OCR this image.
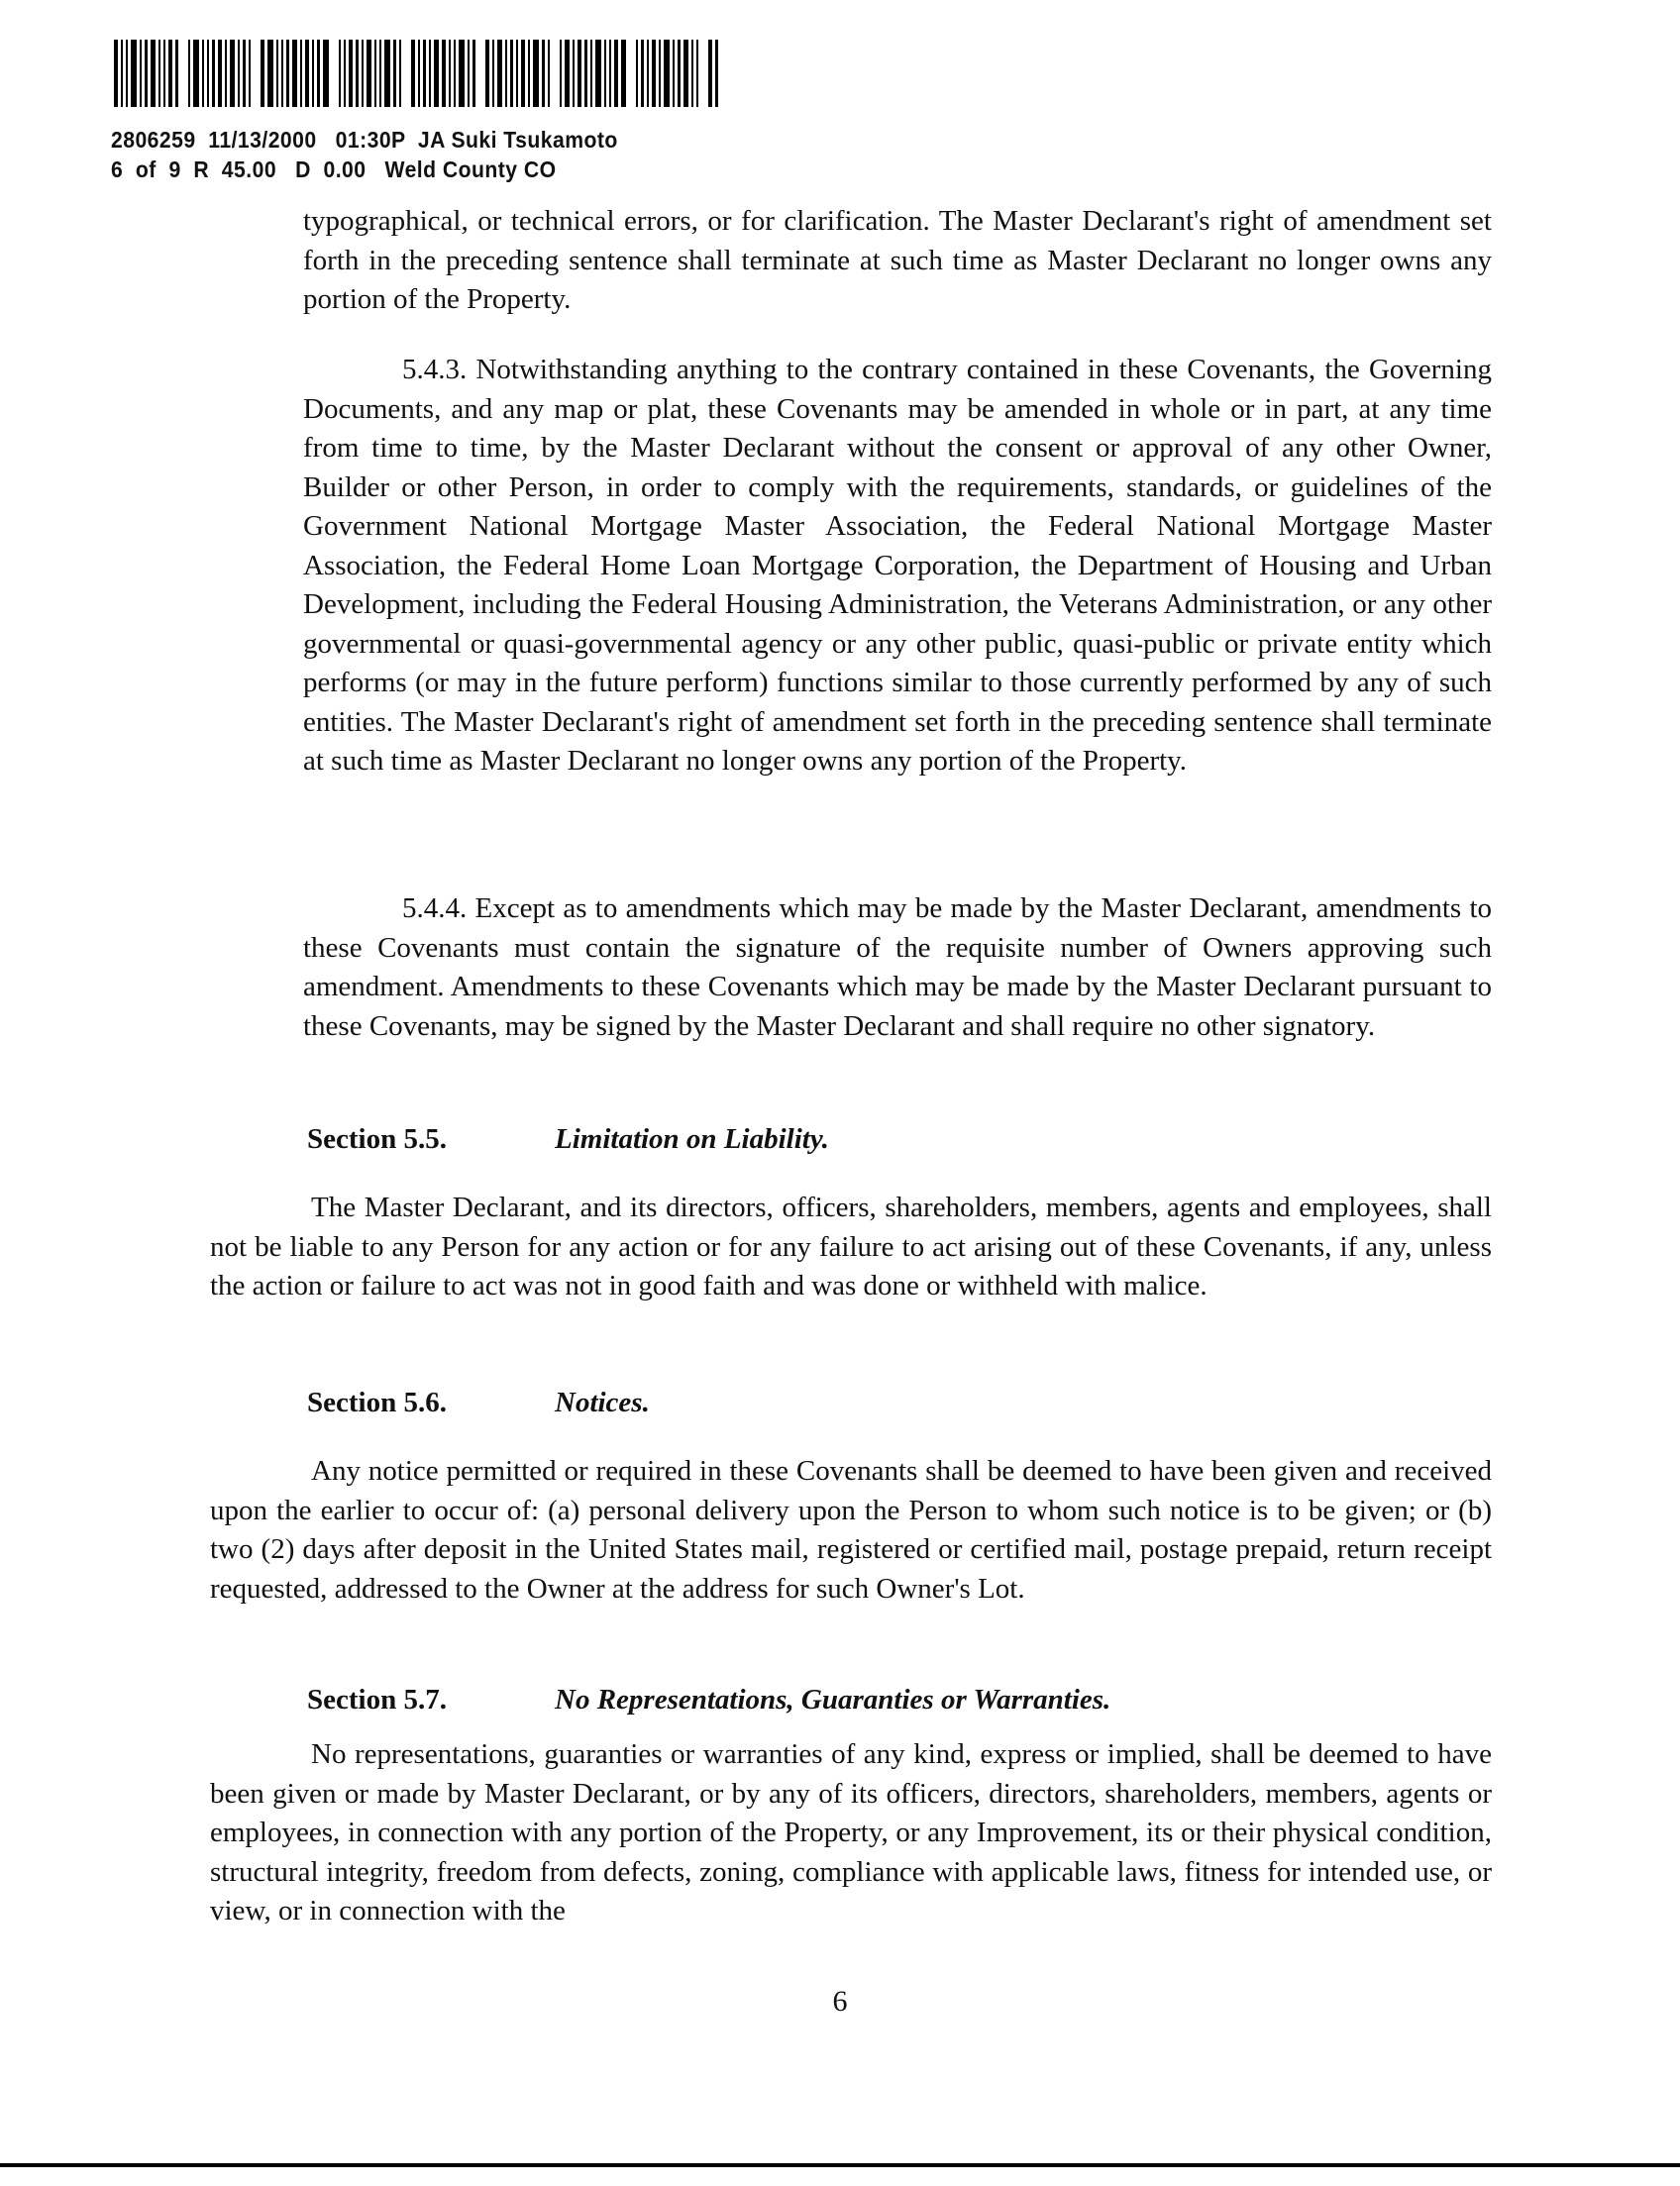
2806259  11/13/2000   01:30P  JA Suki Tsukamoto
6  of  9  R  45.00   D  0.00   Weld County CO

typographical, or technical errors, or for clarification. The Master Declarant's right of amendment set forth in the preceding sentence shall terminate at such time as Master Declarant no longer owns any portion of the Property.

5.4.3. Notwithstanding anything to the contrary contained in these Covenants, the Governing Documents, and any map or plat, these Covenants may be amended in whole or in part, at any time from time to time, by the Master Declarant without the consent or approval of any other Owner, Builder or other Person, in order to comply with the requirements, standards, or guidelines of the Government National Mortgage Master Association, the Federal National Mortgage Master Association, the Federal Home Loan Mortgage Corporation, the Department of Housing and Urban Development, including the Federal Housing Administration, the Veterans Administration, or any other governmental or quasi-governmental agency or any other public, quasi-public or private entity which performs (or may in the future perform) functions similar to those currently performed by any of such entities. The Master Declarant's right of amendment set forth in the preceding sentence shall terminate at such time as Master Declarant no longer owns any portion of the Property.

5.4.4. Except as to amendments which may be made by the Master Declarant, amendments to these Covenants must contain the signature of the requisite number of Owners approving such amendment. Amendments to these Covenants which may be made by the Master Declarant pursuant to these Covenants, may be signed by the Master Declarant and shall require no other signatory.

Section 5.5.	Limitation on Liability.

The Master Declarant, and its directors, officers, shareholders, members, agents and employees, shall not be liable to any Person for any action or for any failure to act arising out of these Covenants, if any, unless the action or failure to act was not in good faith and was done or withheld with malice.

Section 5.6.	Notices.

Any notice permitted or required in these Covenants shall be deemed to have been given and received upon the earlier to occur of: (a) personal delivery upon the Person to whom such notice is to be given; or (b) two (2) days after deposit in the United States mail, registered or certified mail, postage prepaid, return receipt requested, addressed to the Owner at the address for such Owner's Lot.

Section 5.7.	No Representations, Guaranties or Warranties.

No representations, guaranties or warranties of any kind, express or implied, shall be deemed to have been given or made by Master Declarant, or by any of its officers, directors, shareholders, members, agents or employees, in connection with any portion of the Property, or any Improvement, its or their physical condition, structural integrity, freedom from defects, zoning, compliance with applicable laws, fitness for intended use, or view, or in connection with the

6
